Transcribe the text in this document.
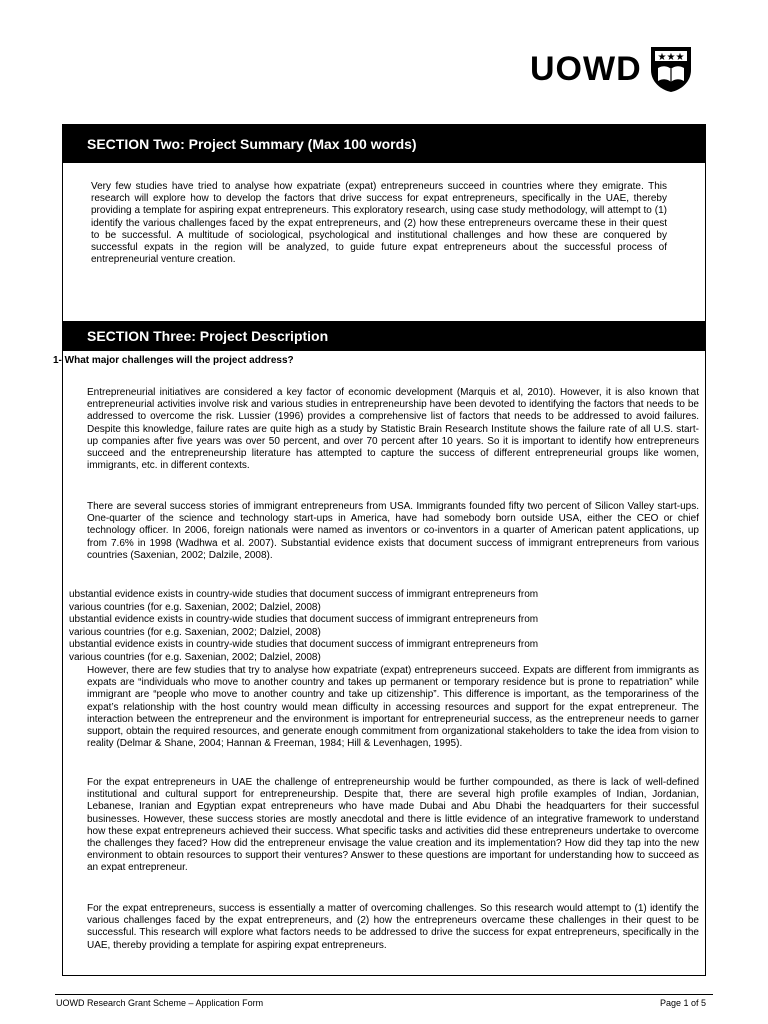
UOWD ★★★
SECTION Two: Project Summary (Max 100 words)
Very few studies have tried to analyse how expatriate (expat) entrepreneurs succeed in countries where they emigrate. This research will explore how to develop the factors that drive success for expat entrepreneurs, specifically in the UAE, thereby providing a template for aspiring expat entrepreneurs. This exploratory research, using case study methodology, will attempt to (1) identify the various challenges faced by the expat entrepreneurs, and (2) how these entrepreneurs overcame these in their quest to be successful. A multitude of sociological, psychological and institutional challenges and how these are conquered by successful expats in the region will be analyzed, to guide future expat entrepreneurs about the successful process of entrepreneurial venture creation.
SECTION Three: Project Description
1- What major challenges will the project address?
Entrepreneurial initiatives are considered a key factor of economic development (Marquis et al, 2010). However, it is also known that entrepreneurial activities involve risk and various studies in entrepreneurship have been devoted to identifying the factors that needs to be addressed to overcome the risk. Lussier (1996) provides a comprehensive list of factors that needs to be addressed to avoid failures. Despite this knowledge, failure rates are quite high as a study by Statistic Brain Research Institute shows the failure rate of all U.S. start-up companies after five years was over 50 percent, and over 70 percent after 10 years. So it is important to identify how entrepreneurs succeed and the entrepreneurship literature has attempted to capture the success of different entrepreneurial groups like women, immigrants, etc. in different contexts.
There are several success stories of immigrant entrepreneurs from USA. Immigrants founded fifty two percent of Silicon Valley start-ups. One-quarter of the science and technology start-ups in America, have had somebody born outside USA, either the CEO or chief technology officer. In 2006, foreign nationals were named as inventors or co-inventors in a quarter of American patent applications, up from 7.6% in 1998 (Wadhwa et al. 2007). Substantial evidence exists that document success of immigrant entrepreneurs from various countries (Saxenian, 2002; Dalzile, 2008).
ubstantial evidence exists in country-wide studies that document success of immigrant entrepreneurs from
various countries (for e.g. Saxenian, 2002; Dalziel, 2008)
ubstantial evidence exists in country-wide studies that document success of immigrant entrepreneurs from
various countries (for e.g. Saxenian, 2002; Dalziel, 2008)
ubstantial evidence exists in country-wide studies that document success of immigrant entrepreneurs from
various countries (for e.g. Saxenian, 2002; Dalziel, 2008)
However, there are few studies that try to analyse how expatriate (expat) entrepreneurs succeed. Expats are different from immigrants as expats are “individuals who move to another country and takes up permanent or temporary residence but is prone to repatriation” while immigrant are “people who move to another country and take up citizenship”. This difference is important, as the temporariness of the expat’s relationship with the host country would mean difficulty in accessing resources and support for the expat entrepreneur. The interaction between the entrepreneur and the environment is important for entrepreneurial success, as the entrepreneur needs to garner support, obtain the required resources, and generate enough commitment from organizational stakeholders to take the idea from vision to reality (Delmar & Shane, 2004; Hannan & Freeman, 1984; Hill & Levenhagen, 1995).
For the expat entrepreneurs in UAE the challenge of entrepreneurship would be further compounded, as there is lack of well-defined institutional and cultural support for entrepreneurship. Despite that, there are several high profile examples of Indian, Jordanian, Lebanese, Iranian and Egyptian expat entrepreneurs who have made Dubai and Abu Dhabi the headquarters for their successful businesses. However, these success stories are mostly anecdotal and there is little evidence of an integrative framework to understand how these expat entrepreneurs achieved their success. What specific tasks and activities did these entrepreneurs undertake to overcome the challenges they faced? How did the entrepreneur envisage the value creation and its implementation? How did they tap into the new environment to obtain resources to support their ventures? Answer to these questions are important for understanding how to succeed as an expat entrepreneur.
For the expat entrepreneurs, success is essentially a matter of overcoming challenges. So this research would attempt to (1) identify the various challenges faced by the expat entrepreneurs, and (2) how the entrepreneurs overcame these challenges in their quest to be successful. This research will explore what factors needs to be addressed to drive the success for expat entrepreneurs, specifically in the UAE, thereby providing a template for aspiring expat entrepreneurs.
UOWD Research Grant Scheme – Application Form	Page 1 of 5
